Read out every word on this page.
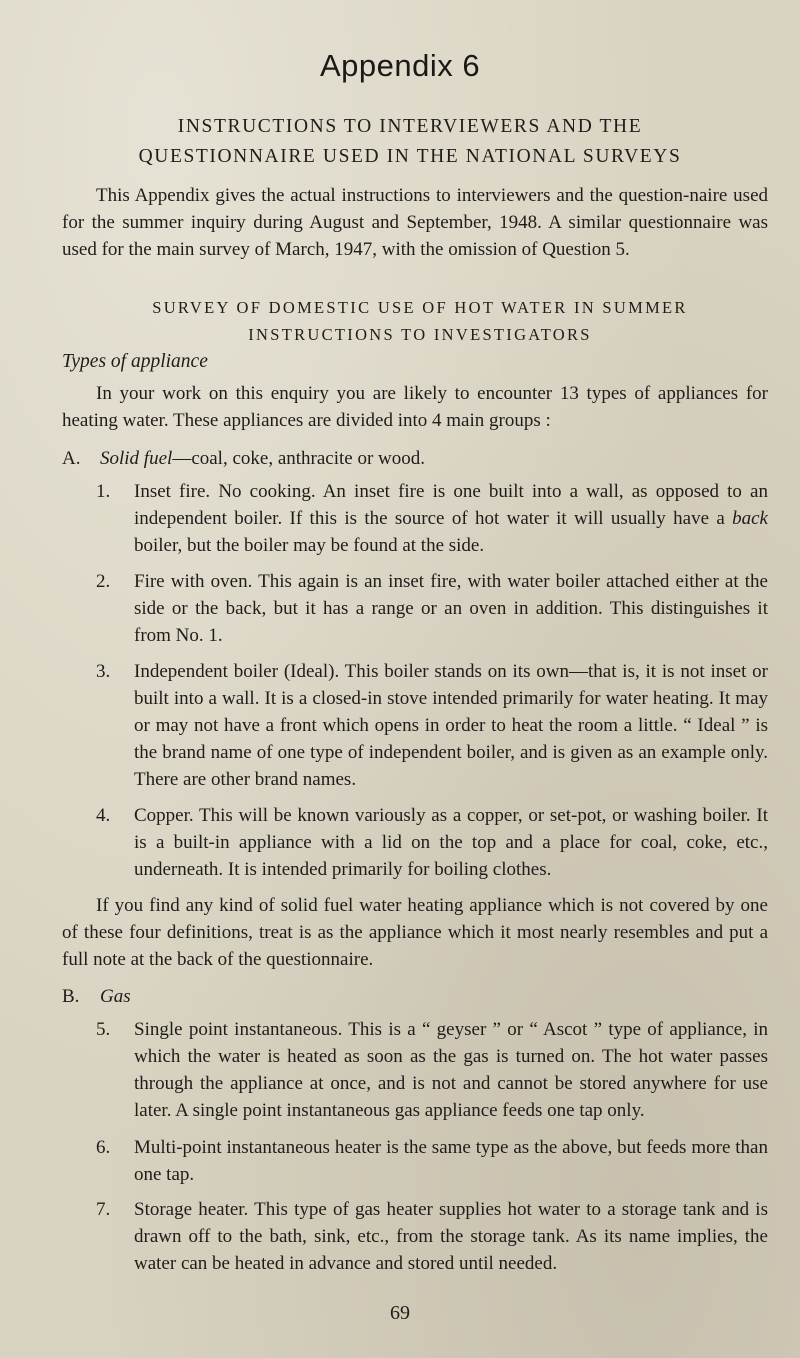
Appendix 6
INSTRUCTIONS TO INTERVIEWERS AND THE
QUESTIONNAIRE USED IN THE NATIONAL SURVEYS

This Appendix gives the actual instructions to interviewers and the question-naire used for the summer inquiry during August and September, 1948. A similar questionnaire was used for the main survey of March, 1947, with the omission of Question 5.

SURVEY OF DOMESTIC USE OF HOT WATER IN SUMMER
INSTRUCTIONS TO INVESTIGATORS
Types of appliance

In your work on this enquiry you are likely to encounter 13 types of appliances for heating water. These appliances are divided into 4 main groups :

A. Solid fuel—coal, coke, anthracite or wood.
1.	Inset fire. No cooking. An inset fire is one built into a wall, as opposed to an independent boiler. If this is the source of hot water it will usually have a back boiler, but the boiler may be found at the side.
2.	Fire with oven. This again is an inset fire, with water boiler attached either at the side or the back, but it has a range or an oven in addition. This distinguishes it from No. 1.
3.	Independent boiler (Ideal). This boiler stands on its own—that is, it is not inset or built into a wall. It is a closed-in stove intended primarily for water heating. It may or may not have a front which opens in order to heat the room a little. “ Ideal ” is the brand name of one type of independent boiler, and is given as an example only. There are other brand names.
4.	Copper. This will be known variously as a copper, or set-pot, or washing boiler. It is a built-in appliance with a lid on the top and a place for coal, coke, etc., underneath. It is intended primarily for boiling clothes.

If you find any kind of solid fuel water heating appliance which is not covered by one of these four definitions, treat is as the appliance which it most nearly resembles and put a full note at the back of the questionnaire.

B. Gas
5.	Single point instantaneous. This is a “ geyser ” or “ Ascot ” type of appliance, in which the water is heated as soon as the gas is turned on. The hot water passes through the appliance at once, and is not and cannot be stored anywhere for use later. A single point instantaneous gas appliance feeds one tap only.
6.	Multi-point instantaneous heater is the same type as the above, but feeds more than one tap.
7.	Storage heater. This type of gas heater supplies hot water to a storage tank and is drawn off to the bath, sink, etc., from the storage tank. As its name implies, the water can be heated in advance and stored until needed.
69
